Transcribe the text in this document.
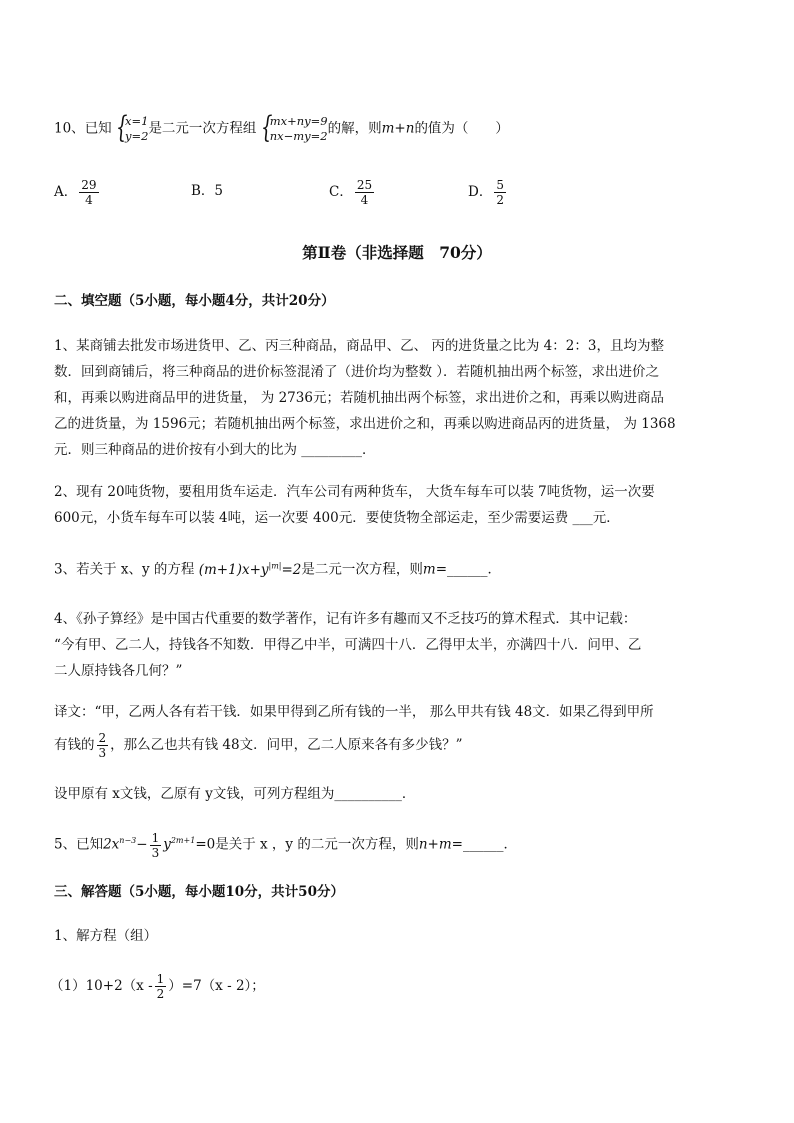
10、已知 {
x=1
y=2是二元一次方程组 {
mx+ny=9
nx−my=2的解，则m+n的值为（　　）
A． $\frac{29}{4}$	B．5	C． $\frac{25}{4}$	D． $\frac{5}{2}$
第Ⅱ卷（非选择题　70分）
二、填空题（5小题，每小题4分，共计20分）
1、某商铺去批发市场进货甲、乙、丙三种商品，商品甲、乙、 丙的进货量之比为 4：2：3，且均为整
数．回到商铺后，将三种商品的进价标签混淆了（进价均为整数 ）．若随机抽出两个标签，求出进价之
和，再乘以购进商品甲的进货量， 为 2736元；若随机抽出两个标签，求出进价之和，再乘以购进商品
乙的进货量，为 1596元；若随机抽出两个标签，求出进价之和，再乘以购进商品丙的进货量， 为 1368
元．则三种商品的进价按有小到大的比为 _________．
2、现有 20吨货物，要租用货车运走．汽车公司有两种货车， 大货车每车可以装 7吨货物，运一次要
600元，小货车每车可以装 4吨，运一次要 400元．要使货物全部运走，至少需要运费 ___元．
3、若关于 x、y 的方程 $(m+1)x+y^{|m|}=2$是二元一次方程，则m=______．
4、《孙子算经》是中国古代重要的数学著作，记有许多有趣而又不乏技巧的算术程式．其中记载：
“今有甲、乙二人，持钱各不知数．甲得乙中半，可满四十八．乙得甲太半，亦满四十八．问甲、乙
二人原持钱各几何？”
译文：“甲，乙两人各有若干钱．如果甲得到乙所有钱的一半， 那么甲共有钱 48文．如果乙得到甲所
有钱的 $\frac{2}{3}$ ，那么乙也共有钱 48文．问甲，乙二人原来各有多少钱？”
设甲原有 x文钱，乙原有 y文钱，可列方程组为__________．
5、已知$2x^{n-3}- \frac{1}{3} y^{2m+1}=0$是关于 x ，y 的二元一次方程，则n+m=______．
三、解答题（5小题，每小题10分，共计50分）
1、解方程（组）
$(1)10+2(x - \frac{1}{2} )=7(x - 2)$；
